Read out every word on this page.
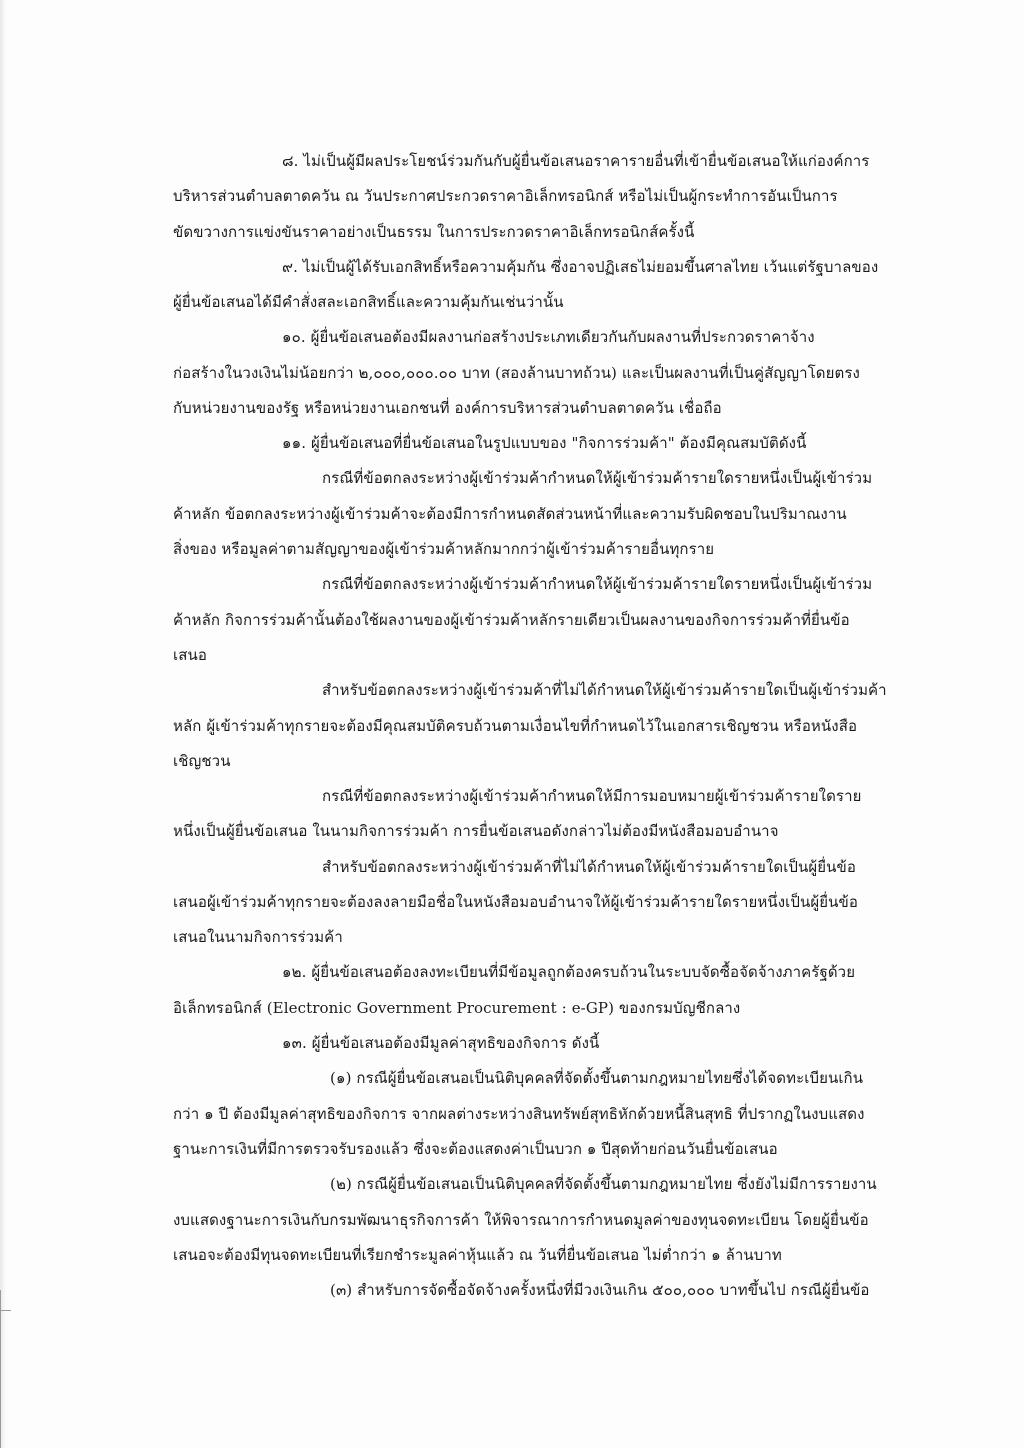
๘. ไม่เป็นผู้มีผลประโยชน์ร่วมกันกับผู้ยื่นข้อเสนอราคารายอื่นที่เข้ายื่นข้อเสนอให้แก่องค์การ
บริหารส่วนตำบลตาดควัน ณ วันประกาศประกวดราคาอิเล็กทรอนิกส์ หรือไม่เป็นผู้กระทำการอันเป็นการ
ขัดขวางการแข่งขันราคาอย่างเป็นธรรม ในการประกวดราคาอิเล็กทรอนิกส์ครั้งนี้
๙. ไม่เป็นผู้ได้รับเอกสิทธิ์หรือความคุ้มกัน ซึ่งอาจปฏิเสธไม่ยอมขึ้นศาลไทย เว้นแต่รัฐบาลของ
ผู้ยื่นข้อเสนอได้มีคำสั่งสละเอกสิทธิ์และความคุ้มกันเช่นว่านั้น
๑๐. ผู้ยื่นข้อเสนอต้องมีผลงานก่อสร้างประเภทเดียวกันกับผลงานที่ประกวดราคาจ้าง
ก่อสร้างในวงเงินไม่น้อยกว่า ๒,๐๐๐,๐๐๐.๐๐ บาท (สองล้านบาทถ้วน) และเป็นผลงานที่เป็นคู่สัญญาโดยตรง
กับหน่วยงานของรัฐ หรือหน่วยงานเอกชนที่ องค์การบริหารส่วนตำบลตาดควัน เชื่อถือ
๑๑. ผู้ยื่นข้อเสนอที่ยื่นข้อเสนอในรูปแบบของ "กิจการร่วมค้า" ต้องมีคุณสมบัติดังนี้
กรณีที่ข้อตกลงระหว่างผู้เข้าร่วมค้ากำหนดให้ผู้เข้าร่วมค้ารายใดรายหนึ่งเป็นผู้เข้าร่วม
ค้าหลัก ข้อตกลงระหว่างผู้เข้าร่วมค้าจะต้องมีการกำหนดสัดส่วนหน้าที่และความรับผิดชอบในปริมาณงาน
สิ่งของ หรือมูลค่าตามสัญญาของผู้เข้าร่วมค้าหลักมากกว่าผู้เข้าร่วมค้ารายอื่นทุกราย
กรณีที่ข้อตกลงระหว่างผู้เข้าร่วมค้ากำหนดให้ผู้เข้าร่วมค้ารายใดรายหนึ่งเป็นผู้เข้าร่วม
ค้าหลัก กิจการร่วมค้านั้นต้องใช้ผลงานของผู้เข้าร่วมค้าหลักรายเดียวเป็นผลงานของกิจการร่วมค้าที่ยื่นข้อ
เสนอ
สำหรับข้อตกลงระหว่างผู้เข้าร่วมค้าที่ไม่ได้กำหนดให้ผู้เข้าร่วมค้ารายใดเป็นผู้เข้าร่วมค้า
หลัก ผู้เข้าร่วมค้าทุกรายจะต้องมีคุณสมบัติครบถ้วนตามเงื่อนไขที่กำหนดไว้ในเอกสารเชิญชวน หรือหนังสือ
เชิญชวน
กรณีที่ข้อตกลงระหว่างผู้เข้าร่วมค้ากำหนดให้มีการมอบหมายผู้เข้าร่วมค้ารายใดราย
หนึ่งเป็นผู้ยื่นข้อเสนอ ในนามกิจการร่วมค้า การยื่นข้อเสนอดังกล่าวไม่ต้องมีหนังสือมอบอำนาจ
สำหรับข้อตกลงระหว่างผู้เข้าร่วมค้าที่ไม่ได้กำหนดให้ผู้เข้าร่วมค้ารายใดเป็นผู้ยื่นข้อ
เสนอผู้เข้าร่วมค้าทุกรายจะต้องลงลายมือชื่อในหนังสือมอบอำนาจให้ผู้เข้าร่วมค้ารายใดรายหนึ่งเป็นผู้ยื่นข้อ
เสนอในนามกิจการร่วมค้า
๑๒. ผู้ยื่นข้อเสนอต้องลงทะเบียนที่มีข้อมูลถูกต้องครบถ้วนในระบบจัดซื้อจัดจ้างภาครัฐด้วย
อิเล็กทรอนิกส์ (Electronic Government Procurement : e-GP) ของกรมบัญชีกลาง
๑๓. ผู้ยื่นข้อเสนอต้องมีมูลค่าสุทธิของกิจการ ดังนี้
(๑) กรณีผู้ยื่นข้อเสนอเป็นนิติบุคคลที่จัดตั้งขึ้นตามกฎหมายไทยซึ่งได้จดทะเบียนเกิน
กว่า ๑ ปี ต้องมีมูลค่าสุทธิของกิจการ จากผลต่างระหว่างสินทรัพย์สุทธิหักด้วยหนี้สินสุทธิ ที่ปรากฏในงบแสดง
ฐานะการเงินที่มีการตรวจรับรองแล้ว ซึ่งจะต้องแสดงค่าเป็นบวก ๑ ปีสุดท้ายก่อนวันยื่นข้อเสนอ
(๒) กรณีผู้ยื่นข้อเสนอเป็นนิติบุคคลที่จัดตั้งขึ้นตามกฎหมายไทย ซึ่งยังไม่มีการรายงาน
งบแสดงฐานะการเงินกับกรมพัฒนาธุรกิจการค้า ให้พิจารณาการกำหนดมูลค่าของทุนจดทะเบียน โดยผู้ยื่นข้อ
เสนอจะต้องมีทุนจดทะเบียนที่เรียกชำระมูลค่าหุ้นแล้ว ณ วันที่ยื่นข้อเสนอ ไม่ต่ำกว่า ๑ ล้านบาท
(๓) สำหรับการจัดซื้อจัดจ้างครั้งหนึ่งที่มีวงเงินเกิน ๕๐๐,๐๐๐ บาทขึ้นไป กรณีผู้ยื่นข้อ
